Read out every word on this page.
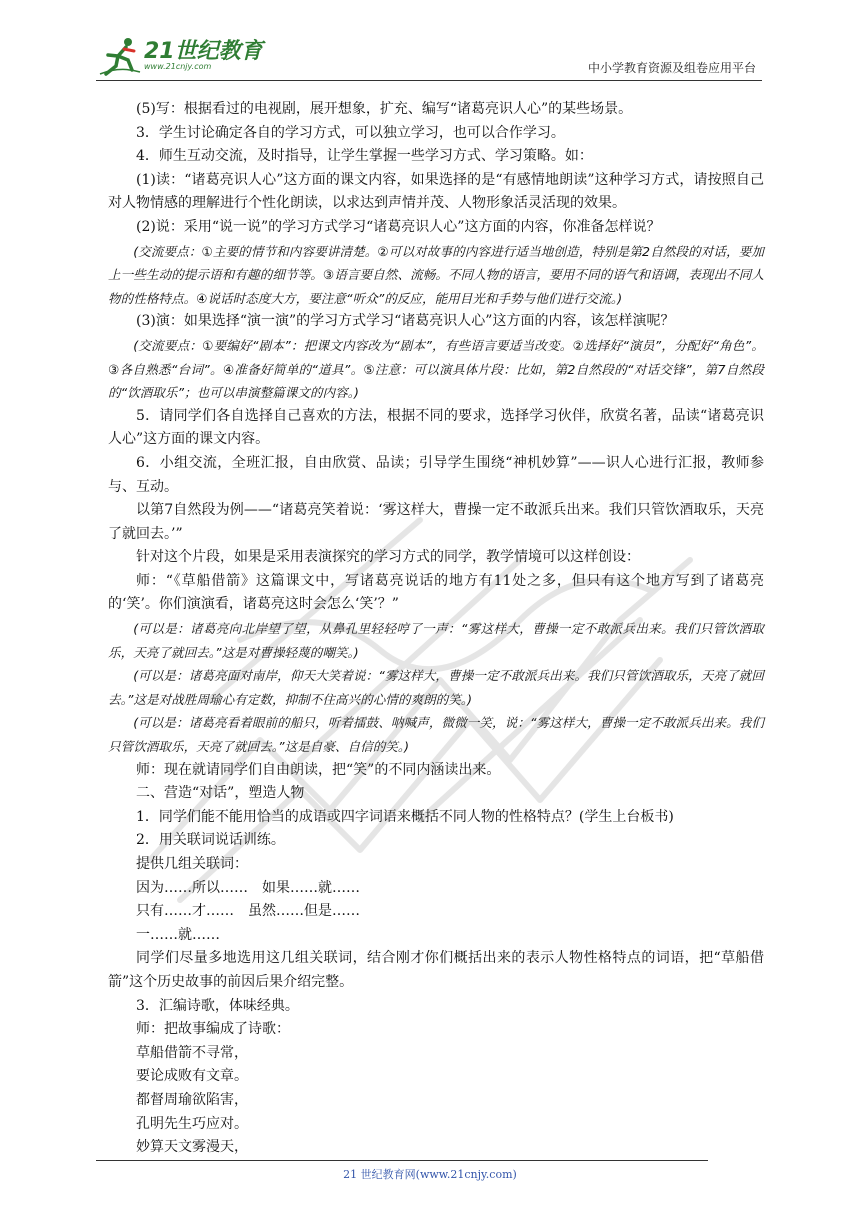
21世纪教育
www.21cnjy.com	中小学教育资源及组卷应用平台

(5)写：根据看过的电视剧，展开想象，扩充、编写“诸葛亮识人心”的某些场景。

3．学生讨论确定各自的学习方式，可以独立学习，也可以合作学习。

4．师生互动交流，及时指导，让学生掌握一些学习方式、学习策略。如：

(1)读：“诸葛亮识人心”这方面的课文内容，如果选择的是“有感情地朗读”这种学习方式，请按照自己对人物情感的理解进行个性化朗读，以求达到声情并茂、人物形象活灵活现的效果。

(2)说：采用“说一说”的学习方式学习“诸葛亮识人心”这方面的内容，你准备怎样说？

(交流要点：①主要的情节和内容要讲清楚。②可以对故事的内容进行适当地创造，特别是第2自然段的对话，要加上一些生动的提示语和有趣的细节等。③语言要自然、流畅。不同人物的语言，要用不同的语气和语调，表现出不同人物的性格特点。④说话时态度大方，要注意“听众”的反应，能用目光和手势与他们进行交流。)

(3)演：如果选择“演一演”的学习方式学习“诸葛亮识人心”这方面的内容，该怎样演呢？

(交流要点：①要编好“剧本”：把课文内容改为“剧本”，有些语言要适当改变。②选择好“演员”，分配好“角色”。③各自熟悉“台词”。④准备好简单的“道具”。⑤注意：可以演具体片段：比如，第2自然段的“对话交锋”，第7自然段的“饮酒取乐”；也可以串演整篇课文的内容。)

5．请同学们各自选择自己喜欢的方法，根据不同的要求，选择学习伙伴，欣赏名著，品读“诸葛亮识人心”这方面的课文内容。

6．小组交流，全班汇报，自由欣赏、品读；引导学生围绕“神机妙算”——识人心进行汇报，教师参与、互动。

以第7自然段为例——“诸葛亮笑着说：‘雾这样大，曹操一定不敢派兵出来。我们只管饮酒取乐，天亮了就回去。’”

针对这个片段，如果是采用表演探究的学习方式的同学，教学情境可以这样创设：

师：“《草船借箭》这篇课文中，写诸葛亮说话的地方有11处之多，但只有这个地方写到了诸葛亮的‘笑’。你们演演看，诸葛亮这时会怎么‘笑’？”

(可以是：诸葛亮向北岸望了望，从鼻孔里轻轻哼了一声：“雾这样大，曹操一定不敢派兵出来。我们只管饮酒取乐，天亮了就回去。”这是对曹操轻蔑的嘲笑。)

(可以是：诸葛亮面对南岸，仰天大笑着说：“雾这样大，曹操一定不敢派兵出来。我们只管饮酒取乐，天亮了就回去。”这是对战胜周瑜心有定数，抑制不住高兴的心情的爽朗的笑。)

(可以是：诸葛亮看着眼前的船只，听着擂鼓、呐喊声，微微一笑，说：“雾这样大，曹操一定不敢派兵出来。我们只管饮酒取乐，天亮了就回去。”这是自豪、自信的笑。)

师：现在就请同学们自由朗读，把“笑”的不同内涵读出来。

二、营造“对话”，塑造人物

1．同学们能不能用恰当的成语或四字词语来概括不同人物的性格特点？(学生上台板书)

2．用关联词说话训练。

提供几组关联词：

因为……所以……　如果……就……

只有……才……　虽然……但是……

一……就……

同学们尽量多地选用这几组关联词，结合刚才你们概括出来的表示人物性格特点的词语，把“草船借箭”这个历史故事的前因后果介绍完整。

3．汇编诗歌，体味经典。

师：把故事编成了诗歌：

草船借箭不寻常，

要论成败有文章。

都督周瑜欲陷害，

孔明先生巧应对。

妙算天文雾漫天，

21 世纪教育网(www.21cnjy.com)
